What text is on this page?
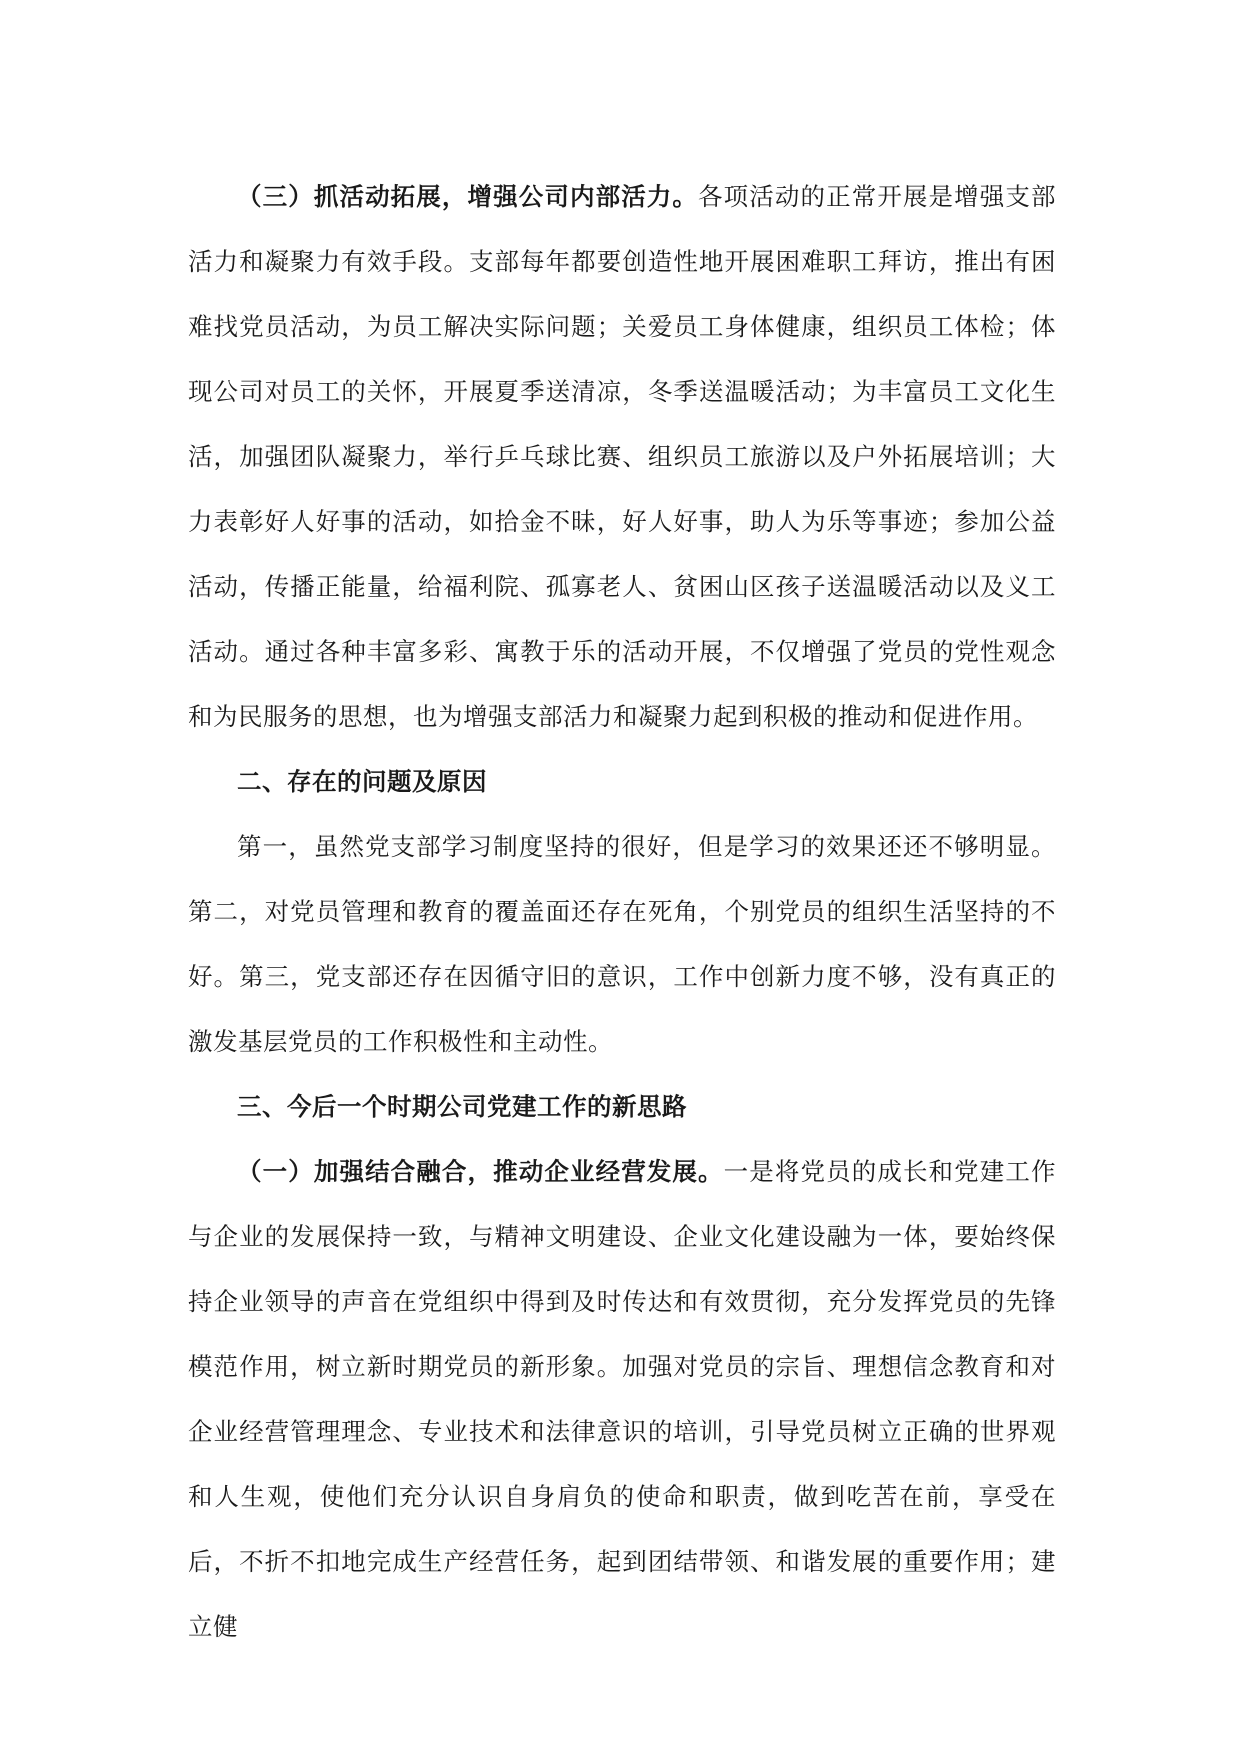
（三）抓活动拓展，增强公司内部活力。各项活动的正常开展是增强支部活力和凝聚力有效手段。支部每年都要创造性地开展困难职工拜访，推出有困难找党员活动，为员工解决实际问题；关爱员工身体健康，组织员工体检；体现公司对员工的关怀，开展夏季送清凉，冬季送温暖活动；为丰富员工文化生活，加强团队凝聚力，举行乒乓球比赛、组织员工旅游以及户外拓展培训；大力表彰好人好事的活动，如拾金不昧，好人好事，助人为乐等事迹；参加公益活动，传播正能量，给福利院、孤寡老人、贫困山区孩子送温暖活动以及义工活动。通过各种丰富多彩、寓教于乐的活动开展，不仅增强了党员的党性观念和为民服务的思想，也为增强支部活力和凝聚力起到积极的推动和促进作用。

二、存在的问题及原因

第一，虽然党支部学习制度坚持的很好，但是学习的效果还还不够明显。第二，对党员管理和教育的覆盖面还存在死角，个别党员的组织生活坚持的不好。第三，党支部还存在因循守旧的意识，工作中创新力度不够，没有真正的激发基层党员的工作积极性和主动性。

三、今后一个时期公司党建工作的新思路

（一）加强结合融合，推动企业经营发展。一是将党员的成长和党建工作与企业的发展保持一致，与精神文明建设、企业文化建设融为一体，要始终保持企业领导的声音在党组织中得到及时传达和有效贯彻，充分发挥党员的先锋模范作用，树立新时期党员的新形象。加强对党员的宗旨、理想信念教育和对企业经营管理理念、专业技术和法律意识的培训，引导党员树立正确的世界观和人生观，使他们充分认识自身肩负的使命和职责，做到吃苦在前，享受在后，不折不扣地完成生产经营任务，起到团结带领、和谐发展的重要作用；建立健
